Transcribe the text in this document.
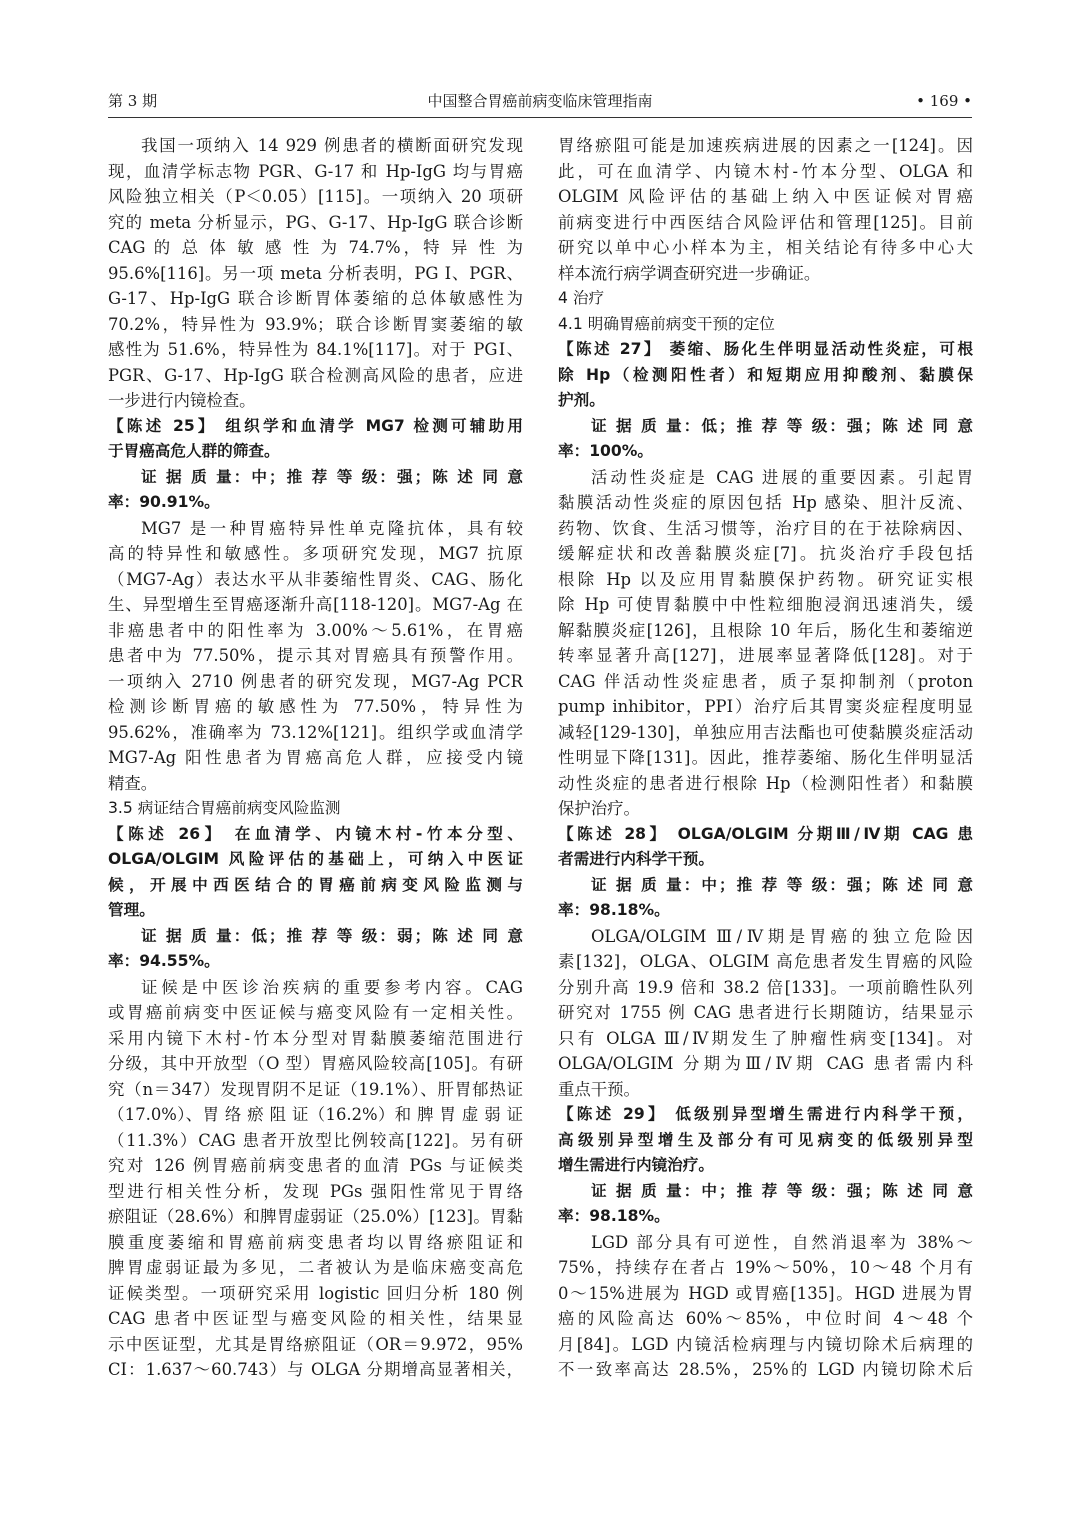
第 3 期	中国整合胃癌前病变临床管理指南	• 169 •
我国一项纳入 14 929 例患者的横断面研究发现
现，血清学标志物 PGR、G-17 和 Hp-IgG 均与胃癌
风险独立相关（P＜0.05）[115]。一项纳入 20 项研
究的 meta 分析显示，PG、G-17、Hp-IgG 联合诊断
CAG 的 总 体 敏 感 性 为 74.7%，特 异 性 为
95.6%[116]。另一项 meta 分析表明，PG Ⅰ、PGR、
G-17、Hp-IgG 联合诊断胃体萎缩的总体敏感性为
70.2%，特异性为 93.9%；联合诊断胃窦萎缩的敏
感性为 51.6%，特异性为 84.1%[117]。对于 PGⅠ、
PGR、G-17、Hp-IgG 联合检测高风险的患者，应进
一步进行内镜检查。
【陈述 25】 组织学和血清学 MG7 检测可辅助用
于胃癌高危人群的筛查。
证 据 质 量：中；推 荐 等 级：强；陈 述 同 意
率：90.91%。
MG7 是一种胃癌特异性单克隆抗体，具有较
高的特异性和敏感性。多项研究发现，MG7 抗原
（MG7-Ag）表达水平从非萎缩性胃炎、CAG、肠化
生、异型增生至胃癌逐渐升高[118-120]。MG7-Ag 在
非癌患者中的阳性率为 3.00%～5.61%，在胃癌
患者中为 77.50%，提示其对胃癌具有预警作用。
一项纳入 2710 例患者的研究发现，MG7-Ag PCR
检测诊断胃癌的敏感性为 77.50%，特异性为
95.62%，准确率为 73.12%[121]。组织学或血清学
MG7-Ag 阳性患者为胃癌高危人群，应接受内镜
精查。
3.5 病证结合胃癌前病变风险监测
【陈述 26】 在血清学、内镜木村-竹本分型、
OLGA/OLGIM 风险评估的基础上，可纳入中医证
候，开展中西医结合的胃癌前病变风险监测与
管理。
证 据 质 量：低；推 荐 等 级：弱；陈 述 同 意
率：94.55%。
证候是中医诊治疾病的重要参考内容。CAG
或胃癌前病变中医证候与癌变风险有一定相关性。
采用内镜下木村-竹本分型对胃黏膜萎缩范围进行
分级，其中开放型（O 型）胃癌风险较高[105]。有研
究（n＝347）发现胃阴不足证（19.1%）、肝胃郁热证
（17.0%）、胃 络 瘀 阻 证（16.2%）和 脾 胃 虚 弱 证
（11.3%）CAG 患者开放型比例较高[122]。另有研
究对 126 例胃癌前病变患者的血清 PGs 与证候类
型进行相关性分析，发现 PGs 强阳性常见于胃络
瘀阻证（28.6%）和脾胃虚弱证（25.0%）[123]。胃黏
膜重度萎缩和胃癌前病变患者均以胃络瘀阻证和
脾胃虚弱证最为多见，二者被认为是临床癌变高危
证候类型。一项研究采用 logistic 回归分析 180 例
CAG 患者中医证型与癌变风险的相关性，结果显
示中医证型，尤其是胃络瘀阻证（OR＝9.972，95%
CI：1.637～60.743）与 OLGA 分期增高显著相关，
胃络瘀阻可能是加速疾病进展的因素之一[124]。因
此，可在血清学、内镜木村-竹本分型、OLGA 和
OLGIM 风险评估的基础上纳入中医证候对胃癌
前病变进行中西医结合风险评估和管理[125]。目前
研究以单中心小样本为主，相关结论有待多中心大
样本流行病学调查研究进一步确证。
4 治疗
4.1 明确胃癌前病变干预的定位
【陈述 27】 萎缩、肠化生伴明显活动性炎症，可根
除 Hp（检测阳性者）和短期应用抑酸剂、黏膜保
护剂。
证 据 质 量：低；推 荐 等 级：强；陈 述 同 意
率：100%。
活动性炎症是 CAG 进展的重要因素。引起胃
黏膜活动性炎症的原因包括 Hp 感染、胆汁反流、
药物、饮食、生活习惯等，治疗目的在于祛除病因、
缓解症状和改善黏膜炎症[7]。抗炎治疗手段包括
根除 Hp 以及应用胃黏膜保护药物。研究证实根
除 Hp 可使胃黏膜中中性粒细胞浸润迅速消失，缓
解黏膜炎症[126]，且根除 10 年后，肠化生和萎缩逆
转率显著升高[127]，进展率显著降低[128]。对于
CAG 伴活动性炎症患者，质子泵抑制剂（proton
pump inhibitor，PPI）治疗后其胃窦炎症程度明显
减轻[129-130]，单独应用吉法酯也可使黏膜炎症活动
性明显下降[131]。因此，推荐萎缩、肠化生伴明显活
动性炎症的患者进行根除 Hp（检测阳性者）和黏膜
保护治疗。
【陈述 28】 OLGA/OLGIM 分期Ⅲ/Ⅳ期 CAG 患
者需进行内科学干预。
证 据 质 量：中；推 荐 等 级：强；陈 述 同 意
率：98.18%。
OLGA/OLGIM Ⅲ/Ⅳ期是胃癌的独立危险因
素[132]，OLGA、OLGIM 高危患者发生胃癌的风险
分别升高 19.9 倍和 38.2 倍[133]。一项前瞻性队列
研究对 1755 例 CAG 患者进行长期随访，结果显示
只有 OLGA Ⅲ/Ⅳ期发生了肿瘤性病变[134]。对
OLGA/OLGIM 分期为Ⅲ/Ⅳ期 CAG 患者需内科
重点干预。
【陈述 29】 低级别异型增生需进行内科学干预，
高级别异型增生及部分有可见病变的低级别异型
增生需进行内镜治疗。
证 据 质 量：中；推 荐 等 级：强；陈 述 同 意
率：98.18%。
LGD 部分具有可逆性，自然消退率为 38%～
75%，持续存在者占 19%～50%，10～48 个月有
0～15%进展为 HGD 或胃癌[135]。HGD 进展为胃
癌的风险高达 60%～85%，中位时间 4～48 个
月[84]。LGD 内镜活检病理与内镜切除术后病理的
不一致率高达 28.5%，25%的 LGD 内镜切除术后
